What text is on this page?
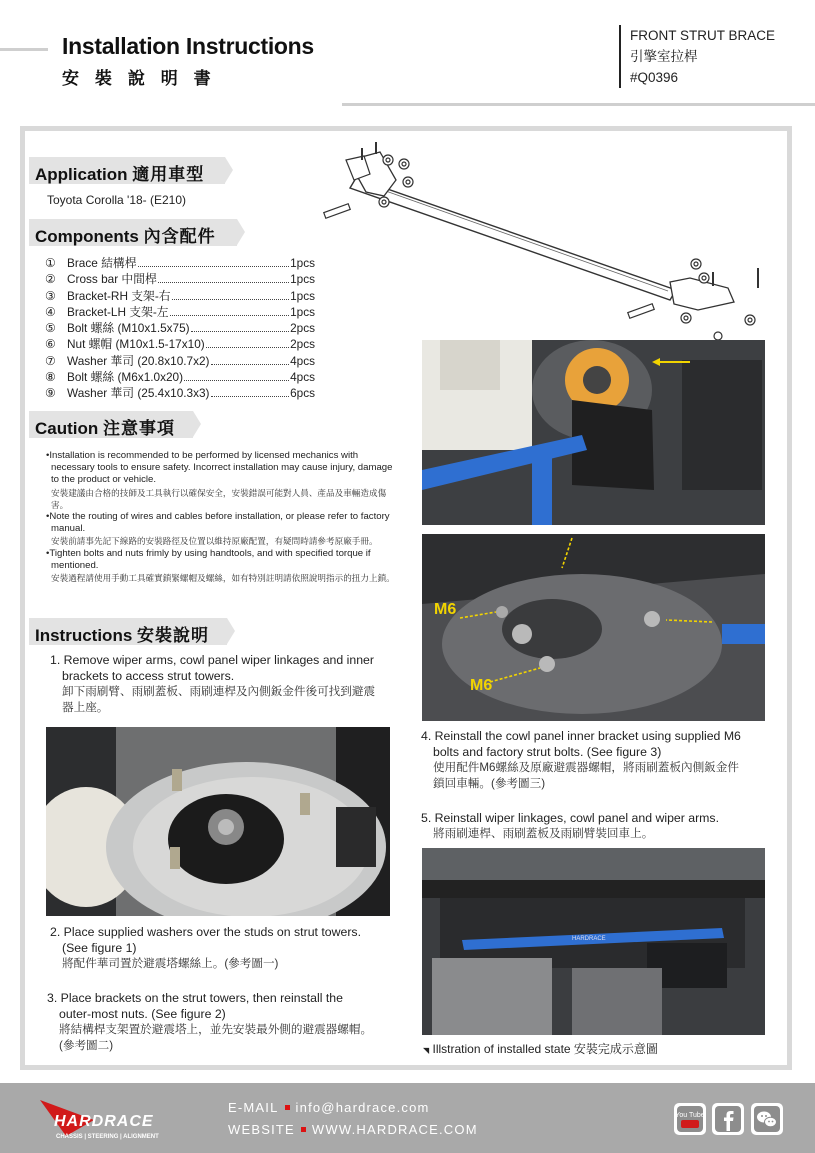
Installation Instructions
安 裝 說 明 書
FRONT STRUT BRACE
引擎室拉桿
#Q0396
Application 適用車型
Toyota Corolla '18- (E210)
Components 內含配件
① Brace 結構桿	1pcs
② Cross bar 中間桿	1pcs
③ Bracket-RH 支架-右	1pcs
④ Bracket-LH 支架-左	1pcs
⑤ Bolt 螺絲 (M10x1.5x75)	2pcs
⑥ Nut 螺帽 (M10x1.5-17x10)	2pcs
⑦ Washer 華司 (20.8x10.7x2)	4pcs
⑧ Bolt 螺絲 (M6x1.0x20)	4pcs
⑨ Washer 華司 (25.4x10.3x3)	6pcs
Caution 注意事項
•Installation is recommended to be performed by licensed mechanics with necessary tools to ensure safety. Incorrect installation may cause injury, damage to the product or vehicle.
安裝建議由合格的技師及工具執行以確保安全，安裝錯誤可能對人員、產品及車輛造成傷害。
•Note the routing of wires and cables before installation, or please refer to factory manual.
安裝前請事先記下線路的安裝路徑及位置以維持原廠配置，有疑問時請參考原廠手冊。
•Tighten bolts and nuts frimly by using handtools, and with specified torque if mentioned.
安裝過程請使用手動工具確實鎖緊螺帽及螺絲，如有特別註明請依照說明指示的扭力上鎖。
Instructions 安裝說明
1. Remove wiper arms, cowl panel wiper linkages and inner
brackets to access strut towers.
卸下雨刷臂、雨刷蓋板、雨刷連桿及內側鈑金件後可找到避震
器上座。
2. Place supplied washers over the studs on strut towers.
(See figure 1)
將配件華司置於避震塔螺絲上。(參考圖一)
3. Place brackets on the strut towers, then reinstall the
outer-most nuts. (See figure 2)
將結構桿支架置於避震塔上，並先安裝最外側的避震器螺帽。
(參考圖二)
M6
M6
4. Reinstall the cowl panel inner bracket using supplied M6
bolts and factory strut bolts. (See figure 3)
使用配件M6螺絲及原廠避震器螺帽，將雨刷蓋板內側鈑金件
鎖回車輛。(參考圖三)
5. Reinstall wiper linkages, cowl panel and wiper arms.
將雨刷連桿、雨刷蓋板及雨刷臂裝回車上。
HARDRACE
◥ Illstration of installed state 安裝完成示意圖
HARDRACE
CHASSIS | STEERING | ALIGNMENT
E-MAIL info@hardrace.com
WEBSITE WWW.HARDRACE.COM
You Tube
